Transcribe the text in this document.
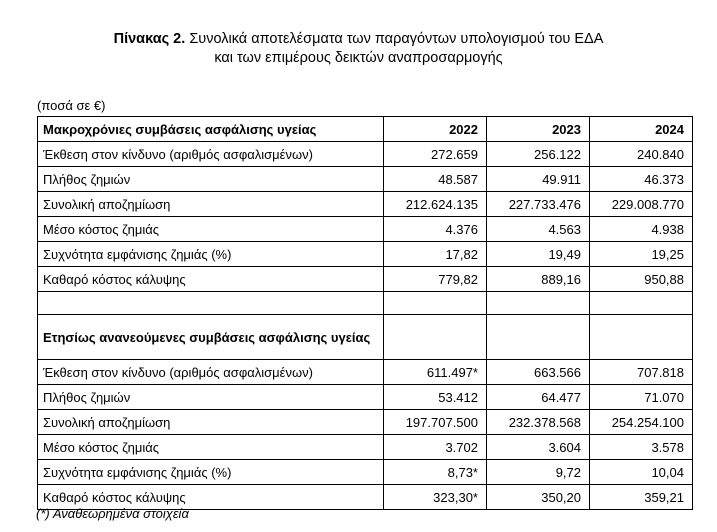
Πίνακας 2. Συνολικά αποτελέσματα των παραγόντων υπολογισμού του ΕΔΑ
και των επιμέρους δεικτών αναπροσαρμογής
(ποσά σε €)
Μακροχρόνιες συμβάσεις ασφάλισης υγείας	2022	2023	2024
Έκθεση στον κίνδυνο (αριθμός ασφαλισμένων)	272.659	256.122	240.840
Πλήθος ζημιών	48.587	49.911	46.373
Συνολική αποζημίωση	212.624.135	227.733.476	229.008.770
Μέσο κόστος ζημιάς	4.376	4.563	4.938
Συχνότητα εμφάνισης ζημιάς (%)	17,82	19,49	19,25
Καθαρό κόστος κάλυψης	779,82	889,16	950,88

Ετησίως ανανεούμενες συμβάσεις ασφάλισης υγείας			
Έκθεση στον κίνδυνο (αριθμός ασφαλισμένων)	611.497*	663.566	707.818
Πλήθος ζημιών	53.412	64.477	71.070
Συνολική αποζημίωση	197.707.500	232.378.568	254.254.100
Μέσο κόστος ζημιάς	3.702	3.604	3.578
Συχνότητα εμφάνισης ζημιάς (%)	8,73*	9,72	10,04
Καθαρό κόστος κάλυψης	323,30*	350,20	359,21
(*) Αναθεωρημένα στοιχεία
